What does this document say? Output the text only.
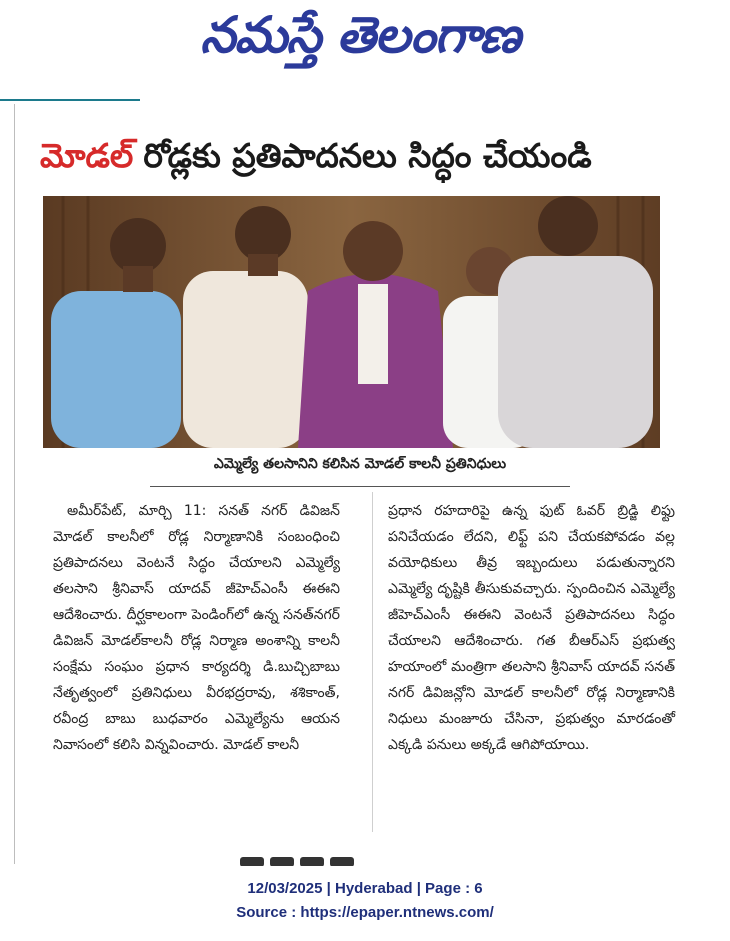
నమస్తే తెలంగాణ
మోడల్ రోడ్లకు ప్రతిపాదనలు సిద్ధం చేయండి
ఎమ్మెల్యే తలసానిని కలిసిన మోడల్ కాలనీ ప్రతినిధులు
అమీర్‌పేట్, మార్చి 11: సనత్ నగర్ డివిజన్ మోడల్ కాలనీలో రోడ్ల నిర్మాణానికి సంబంధించి ప్రతిపాదనలు వెంటనే సిద్ధం చేయాలని ఎమ్మెల్యే తలసాని శ్రీనివాస్ యాదవ్ జీహెచ్ఎంసీ ఈఈని ఆదేశించారు. దీర్ఘకాలంగా పెండింగ్‌లో ఉన్న సనత్‌నగర్ డివిజన్ మోడల్‌కాలనీ రోడ్ల నిర్మాణ అంశాన్ని కాలనీ సంక్షేమ సంఘం ప్రధాన కార్యదర్శి డి.బుచ్చిబాబు నేతృత్వంలో ప్రతినిధులు వీరభద్రరావు, శశికాంత్, రవీంద్ర బాబు బుధవారం ఎమ్మెల్యేను ఆయన నివాసంలో కలిసి విన్నవించారు. మోడల్ కాలనీ
ప్రధాన రహదారిపై ఉన్న ఫుట్ ఓవర్ బ్రిడ్జి లిఫ్టు పనిచేయడం లేదని, లిఫ్ట్ పని చేయకపోవడం వల్ల వయోధికులు తీవ్ర ఇబ్బందులు పడుతున్నారని ఎమ్మెల్యే దృష్టికి తీసుకువచ్చారు. స్పందించిన ఎమ్మెల్యే జీహెచ్ఎంసీ ఈఈని వెంటనే ప్రతిపాదనలు సిద్ధం చేయాలని ఆదేశించారు. గత బీఆర్ఎస్ ప్రభుత్వ హయాంలో మంత్రిగా తలసాని శ్రీనివాస్ యాదవ్ సనత్ నగర్ డివిజన్లోని మోడల్ కాలనీలో రోడ్ల నిర్మాణానికి నిధులు మంజూరు చేసినా, ప్రభుత్వం మారడంతో ఎక్కడి పనులు అక్కడే ఆగిపోయాయి.
12/03/2025 | Hyderabad | Page : 6
Source : https://epaper.ntnews.com/
